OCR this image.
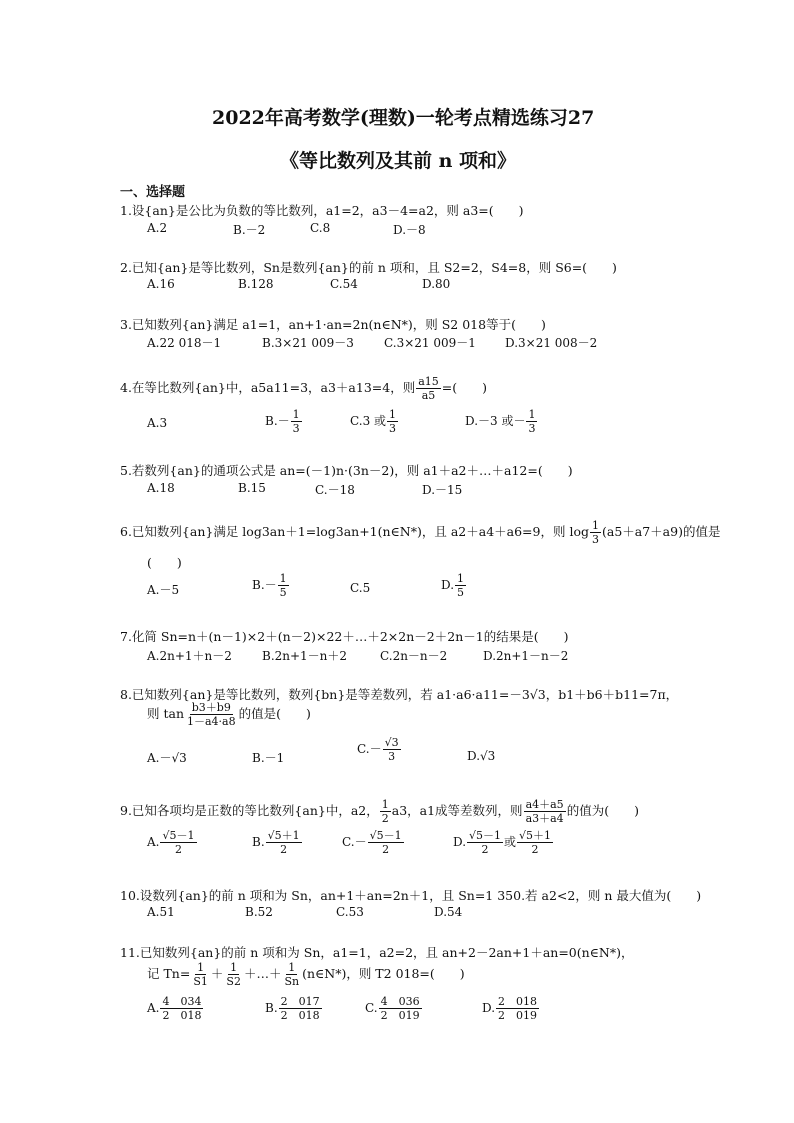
2022年高考数学(理数)一轮考点精选练习27
《等比数列及其前 n 项和》
一、选择题
1.设{an}是公比为负数的等比数列，a1=2，a3－4=a2，则 a3=(　　)
A.2	B.－2	C.8	D.－8
2.已知{an}是等比数列，Sn是数列{an}的前 n 项和，且 S2=2，S4=8，则 S6=(　　)
A.16	B.128	C.54	D.80
3.已知数列{an}满足 a1=1，an+1·an=2n(n∈N*)，则 S2 018等于(　　)
A.22 018－1	B.3×21 009－3	C.3×21 009－1 D.3×21 008－2
4.在等比数列{an}中，a5a11=3，a3＋a13=4，则 $\frac{a15}{a5}$ =(　　)
A.3	$B.- \frac{1}{3}$	C.3 或 $\frac{1}{3}$	D.－3 或－ $\frac{1}{3}$
5.若数列{an}的通项公式是 an=(－1)n·(3n－2)，则 a1＋a2＋…＋a12=(　　)
A.18	B.15	C.－18	D.－15
6.已知数列{an}满足 log3an＋1=log3an+1(n∈N*)，且 a2＋a4＋a6=9，则 $\log \frac{1}{3} (a5+a7+a9)$的值是
(　　)
A.－5	$B.- \frac{1}{5}$	C.5	D. $\frac{1}{5}$
7.化简 Sn=n＋(n－1)×2＋(n－2)×22＋…＋2×2n－2＋2n－1的结果是(　　)
A.2n+1＋n－2	B.2n+1－n＋2	C.2n－n－2	D.2n+1－n－2
8.已知数列{an}是等比数列，数列{bn}是等差数列，若 a1·a6·a11=－3√3，b1＋b6＋b11=7π，
则 $\tan \frac{b3+b9}{1-a4\cdot a8}$ 的值是(　　)
A.－√3	B.－1
$C.- \frac{√3}{3}$	D.√3
9.已知各项均是正数的等比数列{an}中，a2， $\frac{1}{2} a3$，a1成等差数列，则 $\frac{a4+a5}{a3+a4}$ 的值为(　　)
A. $\frac{√5-1}{2}$	B. $\frac{√5+1}{2}$	$C.- \frac{√5-1}{2}$	D. $\frac{√5-1}{2}$ 或 $\frac{√5+1}{2}$
10.设数列{an}的前 n 项和为 Sn，an+1＋an=2n＋1，且 Sn=1 350.若 a2<2，则 n 最大值为(　　)
A.51	B.52	C.53	D.54
11.已知数列{an}的前 n 项和为 Sn，a1=1，a2=2，且 an+2－2an+1＋an=0(n∈N*)，
记 $Tn= \frac{1}{S1} + \frac{1}{S2}$ ＋…＋ $\frac{1}{Sn}$ (n∈N*)，则 T2 018=(　　)
A. $\frac{4 034}{2 018}$	B. $\frac{2 017}{2 018}$	C. $\frac{4 036}{2 019}$	D. $\frac{2 018}{2 019}$
